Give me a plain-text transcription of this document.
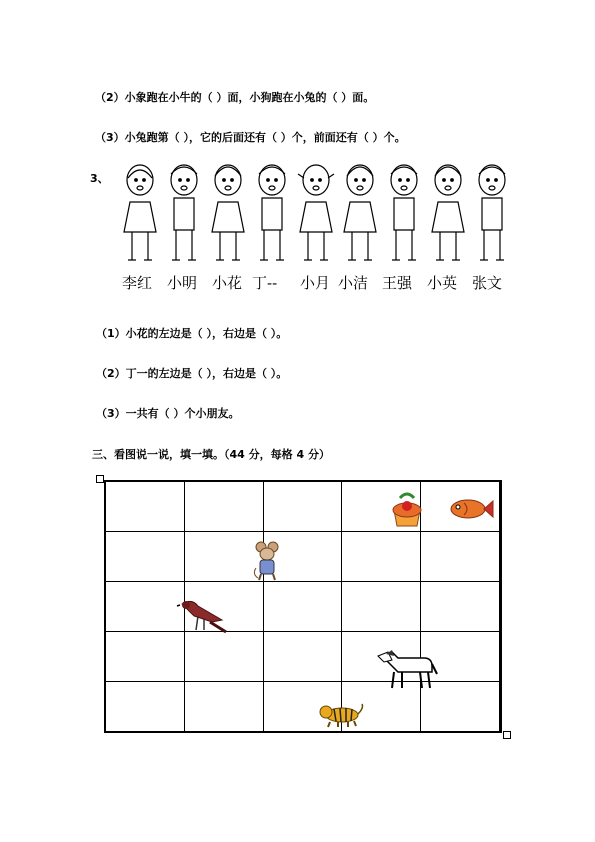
（2）小象跑在小牛的（ ）面，小狗跑在小兔的（ ）面。
（3）小兔跑第（ ），它的后面还有（ ）个，前面还有（ ）个。
3、
李红 小明 小花 丁-- 小月 小洁 王强 小英 张文
（1）小花的左边是（ ），右边是（ ）。
（2）丁一的左边是（ ），右边是（ ）。
（3）一共有（ ）个小朋友。
三、看图说一说，填一填。（44 分，每格 4 分）
